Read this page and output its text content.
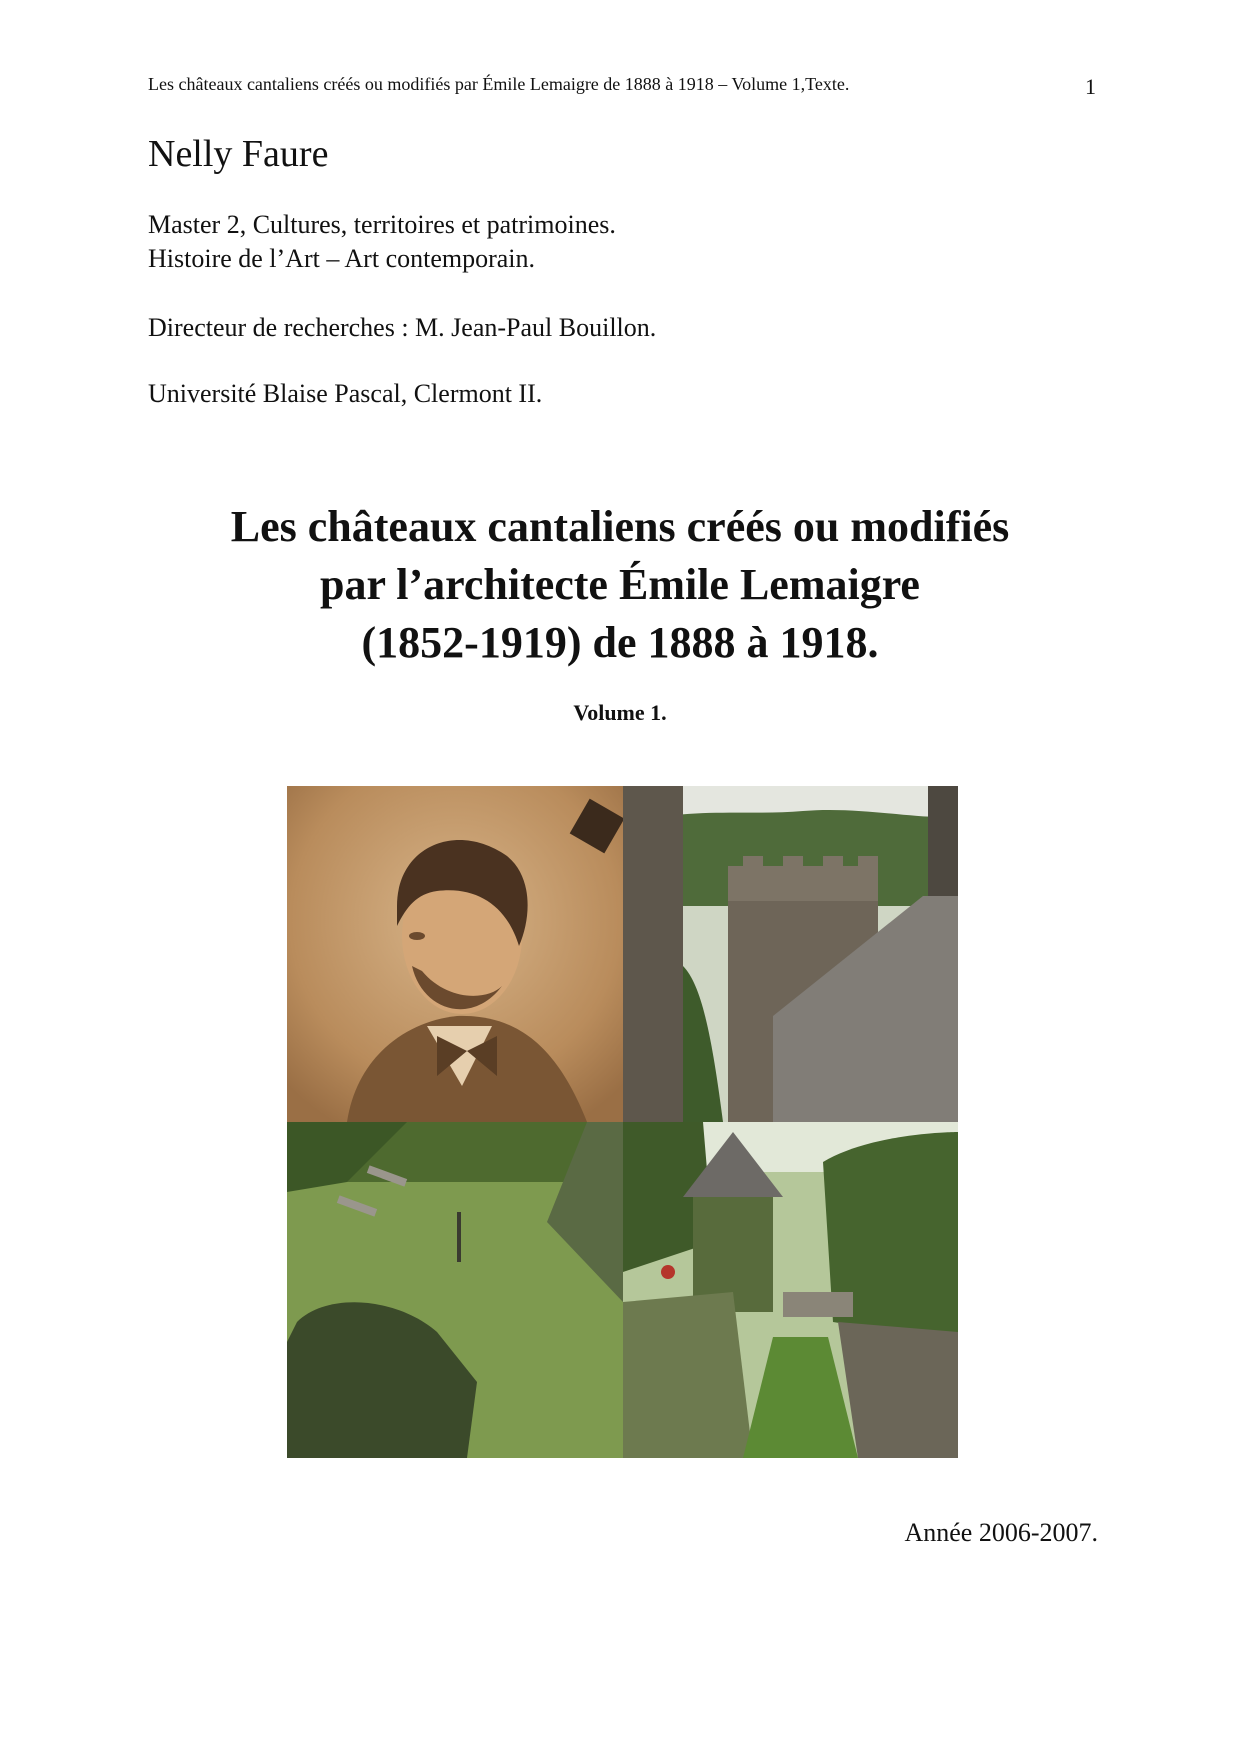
Les châteaux cantaliens créés ou modifiés par Émile Lemaigre de 1888 à 1918 – Volume 1,Texte.	1
Nelly Faure
Master 2, Cultures, territoires et patrimoines.
Histoire de l’Art – Art contemporain.
Directeur de recherches : M. Jean-Paul Bouillon.
Université Blaise Pascal, Clermont II.
Les châteaux cantaliens créés ou modifiés
par l’architecte Émile Lemaigre
(1852-1919) de 1888 à 1918.
Volume 1.
Année 2006-2007.
